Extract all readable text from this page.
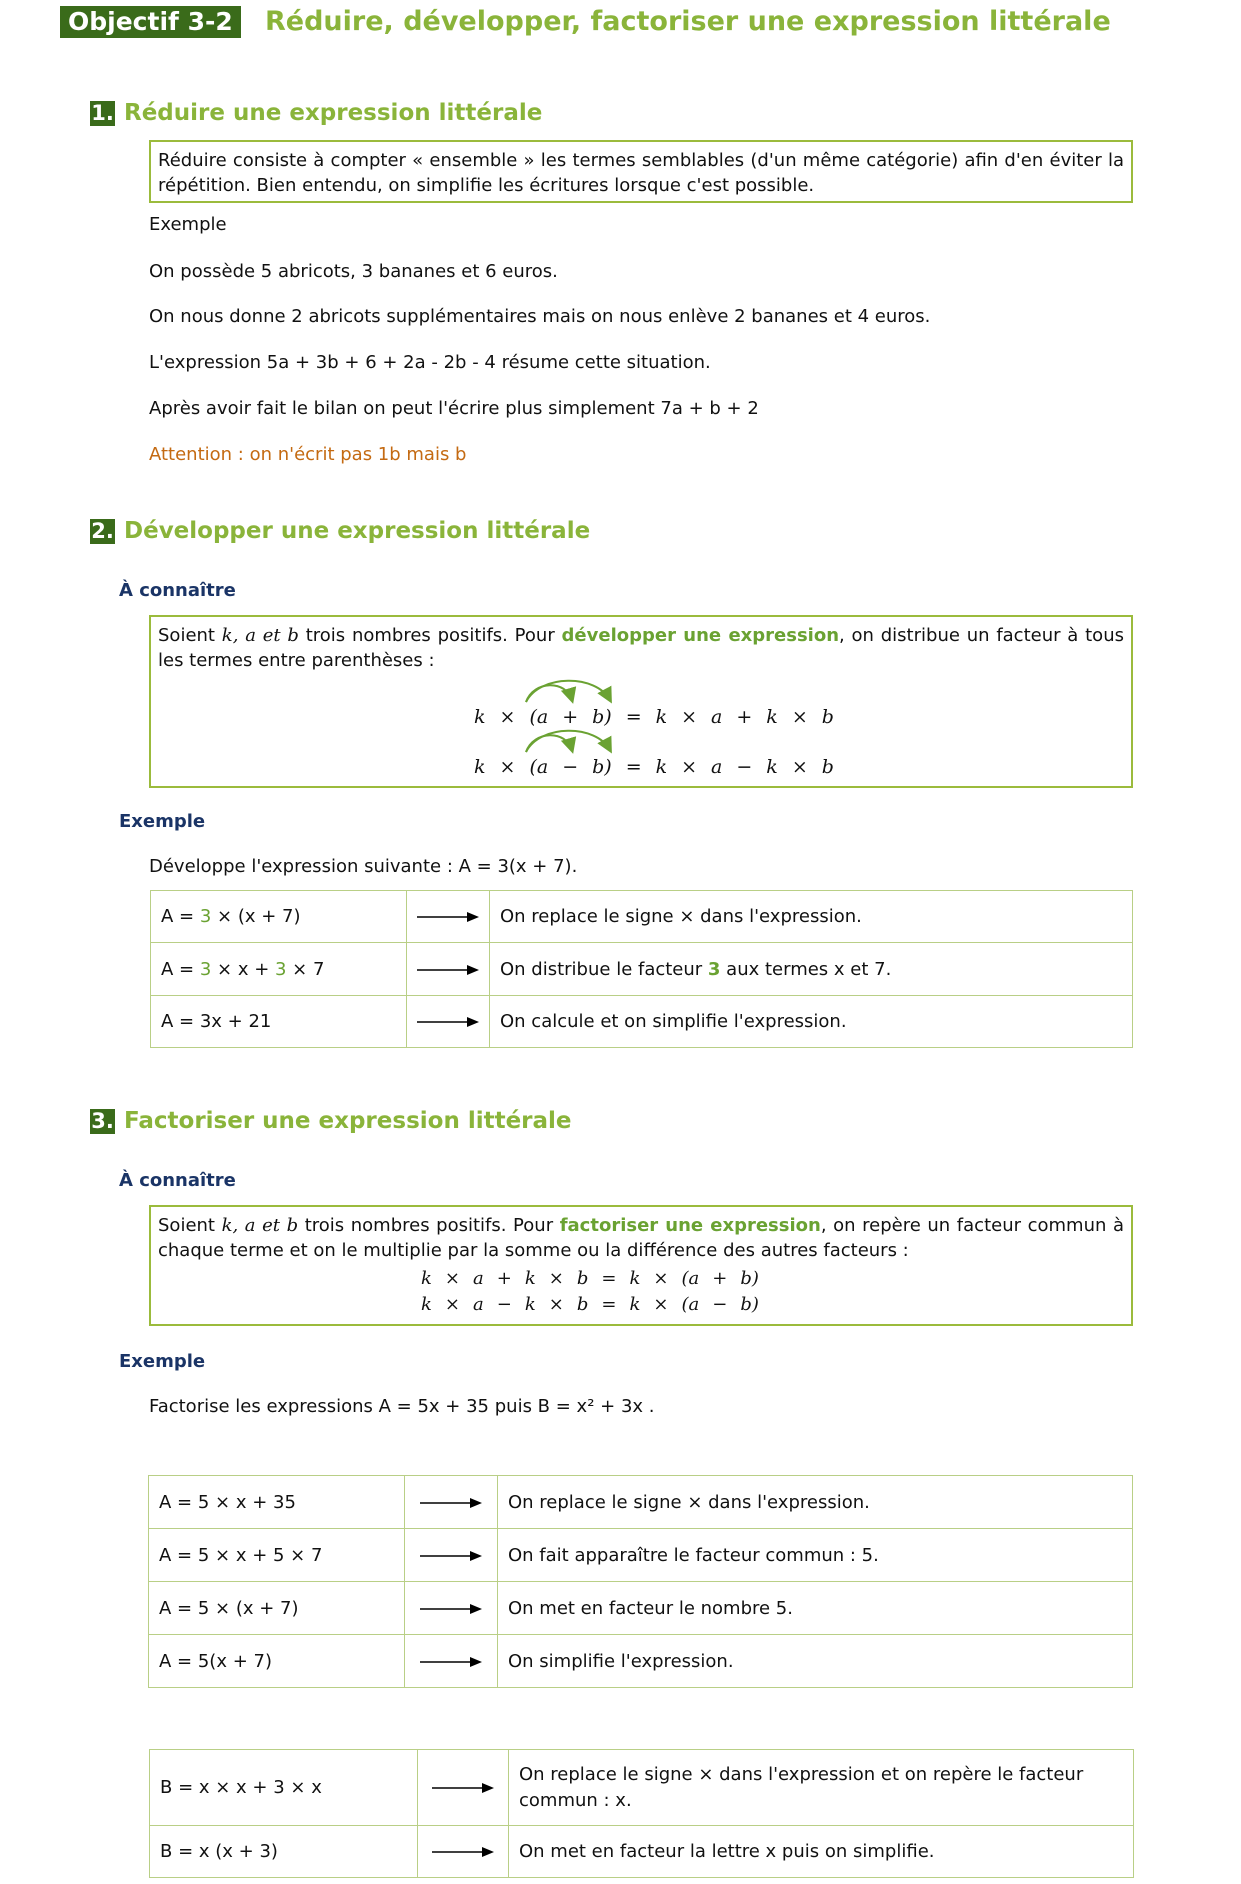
Objectif 3-2 Réduire, développer, factoriser une expression littérale
1. Réduire une expression littérale
Réduire consiste à compter « ensemble » les termes semblables (d'un même catégorie) afin d'en éviter la répétition. Bien entendu, on simplifie les écritures lorsque c'est possible.
Exemple
On possède 5 abricots, 3 bananes et 6 euros.
On nous donne 2 abricots supplémentaires mais on nous enlève 2 bananes et 4 euros.
L'expression 5a + 3b + 6 + 2a - 2b - 4 résume cette situation.
Après avoir fait le bilan on peut l'écrire plus simplement 7a + b + 2
Attention : on n'écrit pas 1b mais b
2. Développer une expression littérale
À connaître
Soient k, a et b trois nombres positifs. Pour développer une expression, on distribue un facteur à tous les termes entre parenthèses :
k × (a + b) = k × a + k × b
k × (a − b) = k × a − k × b
Exemple
Développe l'expression suivante : A = 3(x + 7).
A = 3 × (x + 7)		On replace le signe × dans l'expression.
A = 3 × x + 3 × 7		On distribue le facteur 3 aux termes x et 7.
A = 3x + 21		On calcule et on simplifie l'expression.
3. Factoriser une expression littérale
À connaître
Soient k, a et b trois nombres positifs. Pour factoriser une expression, on repère un facteur commun à chaque terme et on le multiplie par la somme ou la différence des autres facteurs :
k × a + k × b = k × (a + b)
k × a − k × b = k × (a − b)
Exemple
Factorise les expressions A = 5x + 35 puis B = x² + 3x .
A = 5 × x + 35		On replace le signe × dans l'expression.
A = 5 × x + 5 × 7		On fait apparaître le facteur commun : 5.
A = 5 × (x + 7)		On met en facteur le nombre 5.
A = 5(x + 7)		On simplifie l'expression.
B = x × x + 3 × x		On replace le signe × dans l'expression et on repère le facteur commun : x.
B = x (x + 3)		On met en facteur la lettre x puis on simplifie.
